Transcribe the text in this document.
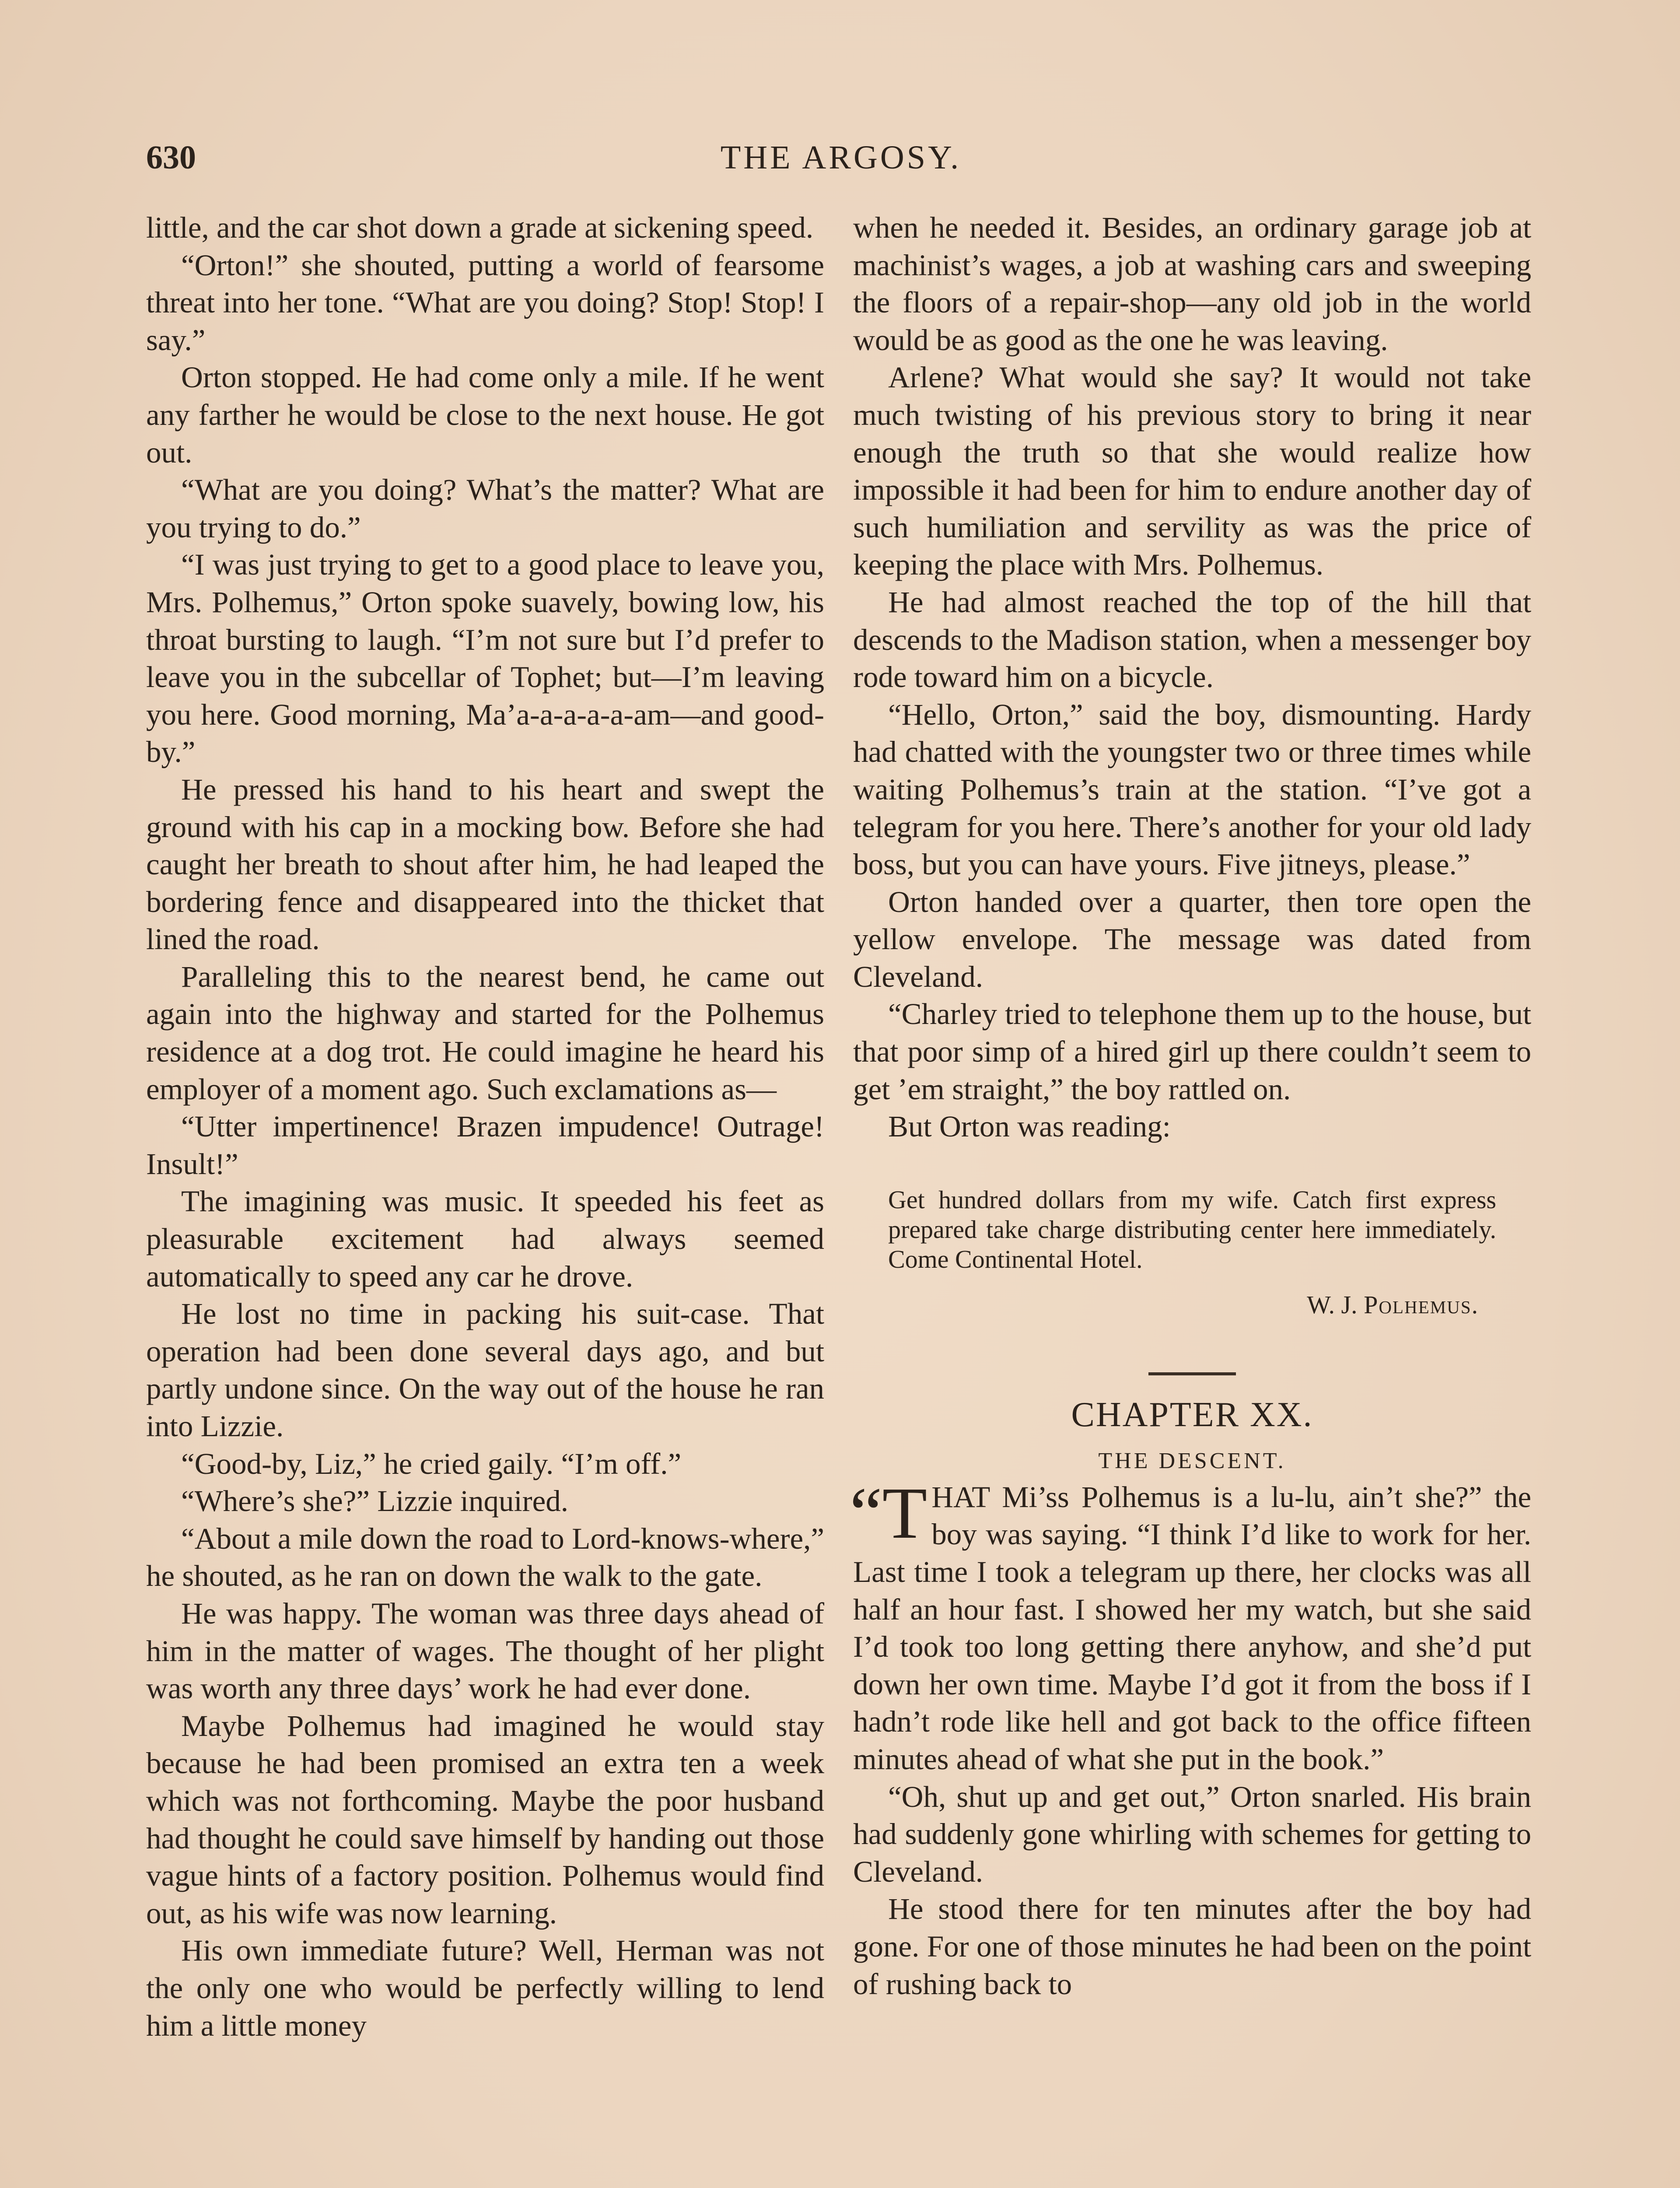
630	THE ARGOSY.

little, and the car shot down a grade at sickening speed.

“Orton!” she shouted, putting a world of fearsome threat into her tone. “What are you doing? Stop! Stop! I say.”

Orton stopped. He had come only a mile. If he went any farther he would be close to the next house. He got out.

“What are you doing? What’s the matter? What are you trying to do.”

“I was just trying to get to a good place to leave you, Mrs. Polhemus,” Orton spoke suavely, bowing low, his throat bursting to laugh. “I’m not sure but I’d prefer to leave you in the subcellar of Tophet; but—I’m leaving you here. Good morning, Ma’a-a-a-a-a-am—and good-by.”

He pressed his hand to his heart and swept the ground with his cap in a mocking bow. Before she had caught her breath to shout after him, he had leaped the bordering fence and disappeared into the thicket that lined the road.

Paralleling this to the nearest bend, he came out again into the highway and started for the Polhemus residence at a dog trot. He could imagine he heard his employer of a moment ago. Such exclamations as—

“Utter impertinence! Brazen impudence! Outrage! Insult!”

The imagining was music. It speeded his feet as pleasurable excitement had always seemed automatically to speed any car he drove.

He lost no time in packing his suit-case. That operation had been done several days ago, and but partly undone since. On the way out of the house he ran into Lizzie.

“Good-by, Liz,” he cried gaily. “I’m off.”

“Where’s she?” Lizzie inquired.

“About a mile down the road to Lord-knows-where,” he shouted, as he ran on down the walk to the gate.

He was happy. The woman was three days ahead of him in the matter of wages. The thought of her plight was worth any three days’ work he had ever done.

Maybe Polhemus had imagined he would stay because he had been promised an extra ten a week which was not forthcoming. Maybe the poor husband had thought he could save himself by handing out those vague hints of a factory position. Polhemus would find out, as his wife was now learning.

His own immediate future? Well, Herman was not the only one who would be perfectly willing to lend him a little money

when he needed it. Besides, an ordinary garage job at machinist’s wages, a job at washing cars and sweeping the floors of a repair-shop—any old job in the world would be as good as the one he was leaving.

Arlene? What would she say? It would not take much twisting of his previous story to bring it near enough the truth so that she would realize how impossible it had been for him to endure another day of such humiliation and servility as was the price of keeping the place with Mrs. Polhemus.

He had almost reached the top of the hill that descends to the Madison station, when a messenger boy rode toward him on a bicycle.

“Hello, Orton,” said the boy, dismounting. Hardy had chatted with the youngster two or three times while waiting Polhemus’s train at the station. “I’ve got a telegram for you here. There’s another for your old lady boss, but you can have yours. Five jitneys, please.”

Orton handed over a quarter, then tore open the yellow envelope. The message was dated from Cleveland.

“Charley tried to telephone them up to the house, but that poor simp of a hired girl up there couldn’t seem to get ’em straight,” the boy rattled on.

But Orton was reading:

Get hundred dollars from my wife. Catch first express prepared take charge distributing center here immediately. Come Continental Hotel.
W. J. Polhemus.
CHAPTER XX.
THE DESCENT.

“T HAT Mi’ss Polhemus is a lu-lu, ain’t she?” the boy was saying. “I think I’d like to work for her. Last time I took a telegram up there, her clocks was all half an hour fast. I showed her my watch, but she said I’d took too long getting there anyhow, and she’d put down her own time. Maybe I’d got it from the boss if I hadn’t rode like hell and got back to the office fifteen minutes ahead of what she put in the book.”

“Oh, shut up and get out,” Orton snarled. His brain had suddenly gone whirling with schemes for getting to Cleveland.

He stood there for ten minutes after the boy had gone. For one of those minutes he had been on the point of rushing back to
